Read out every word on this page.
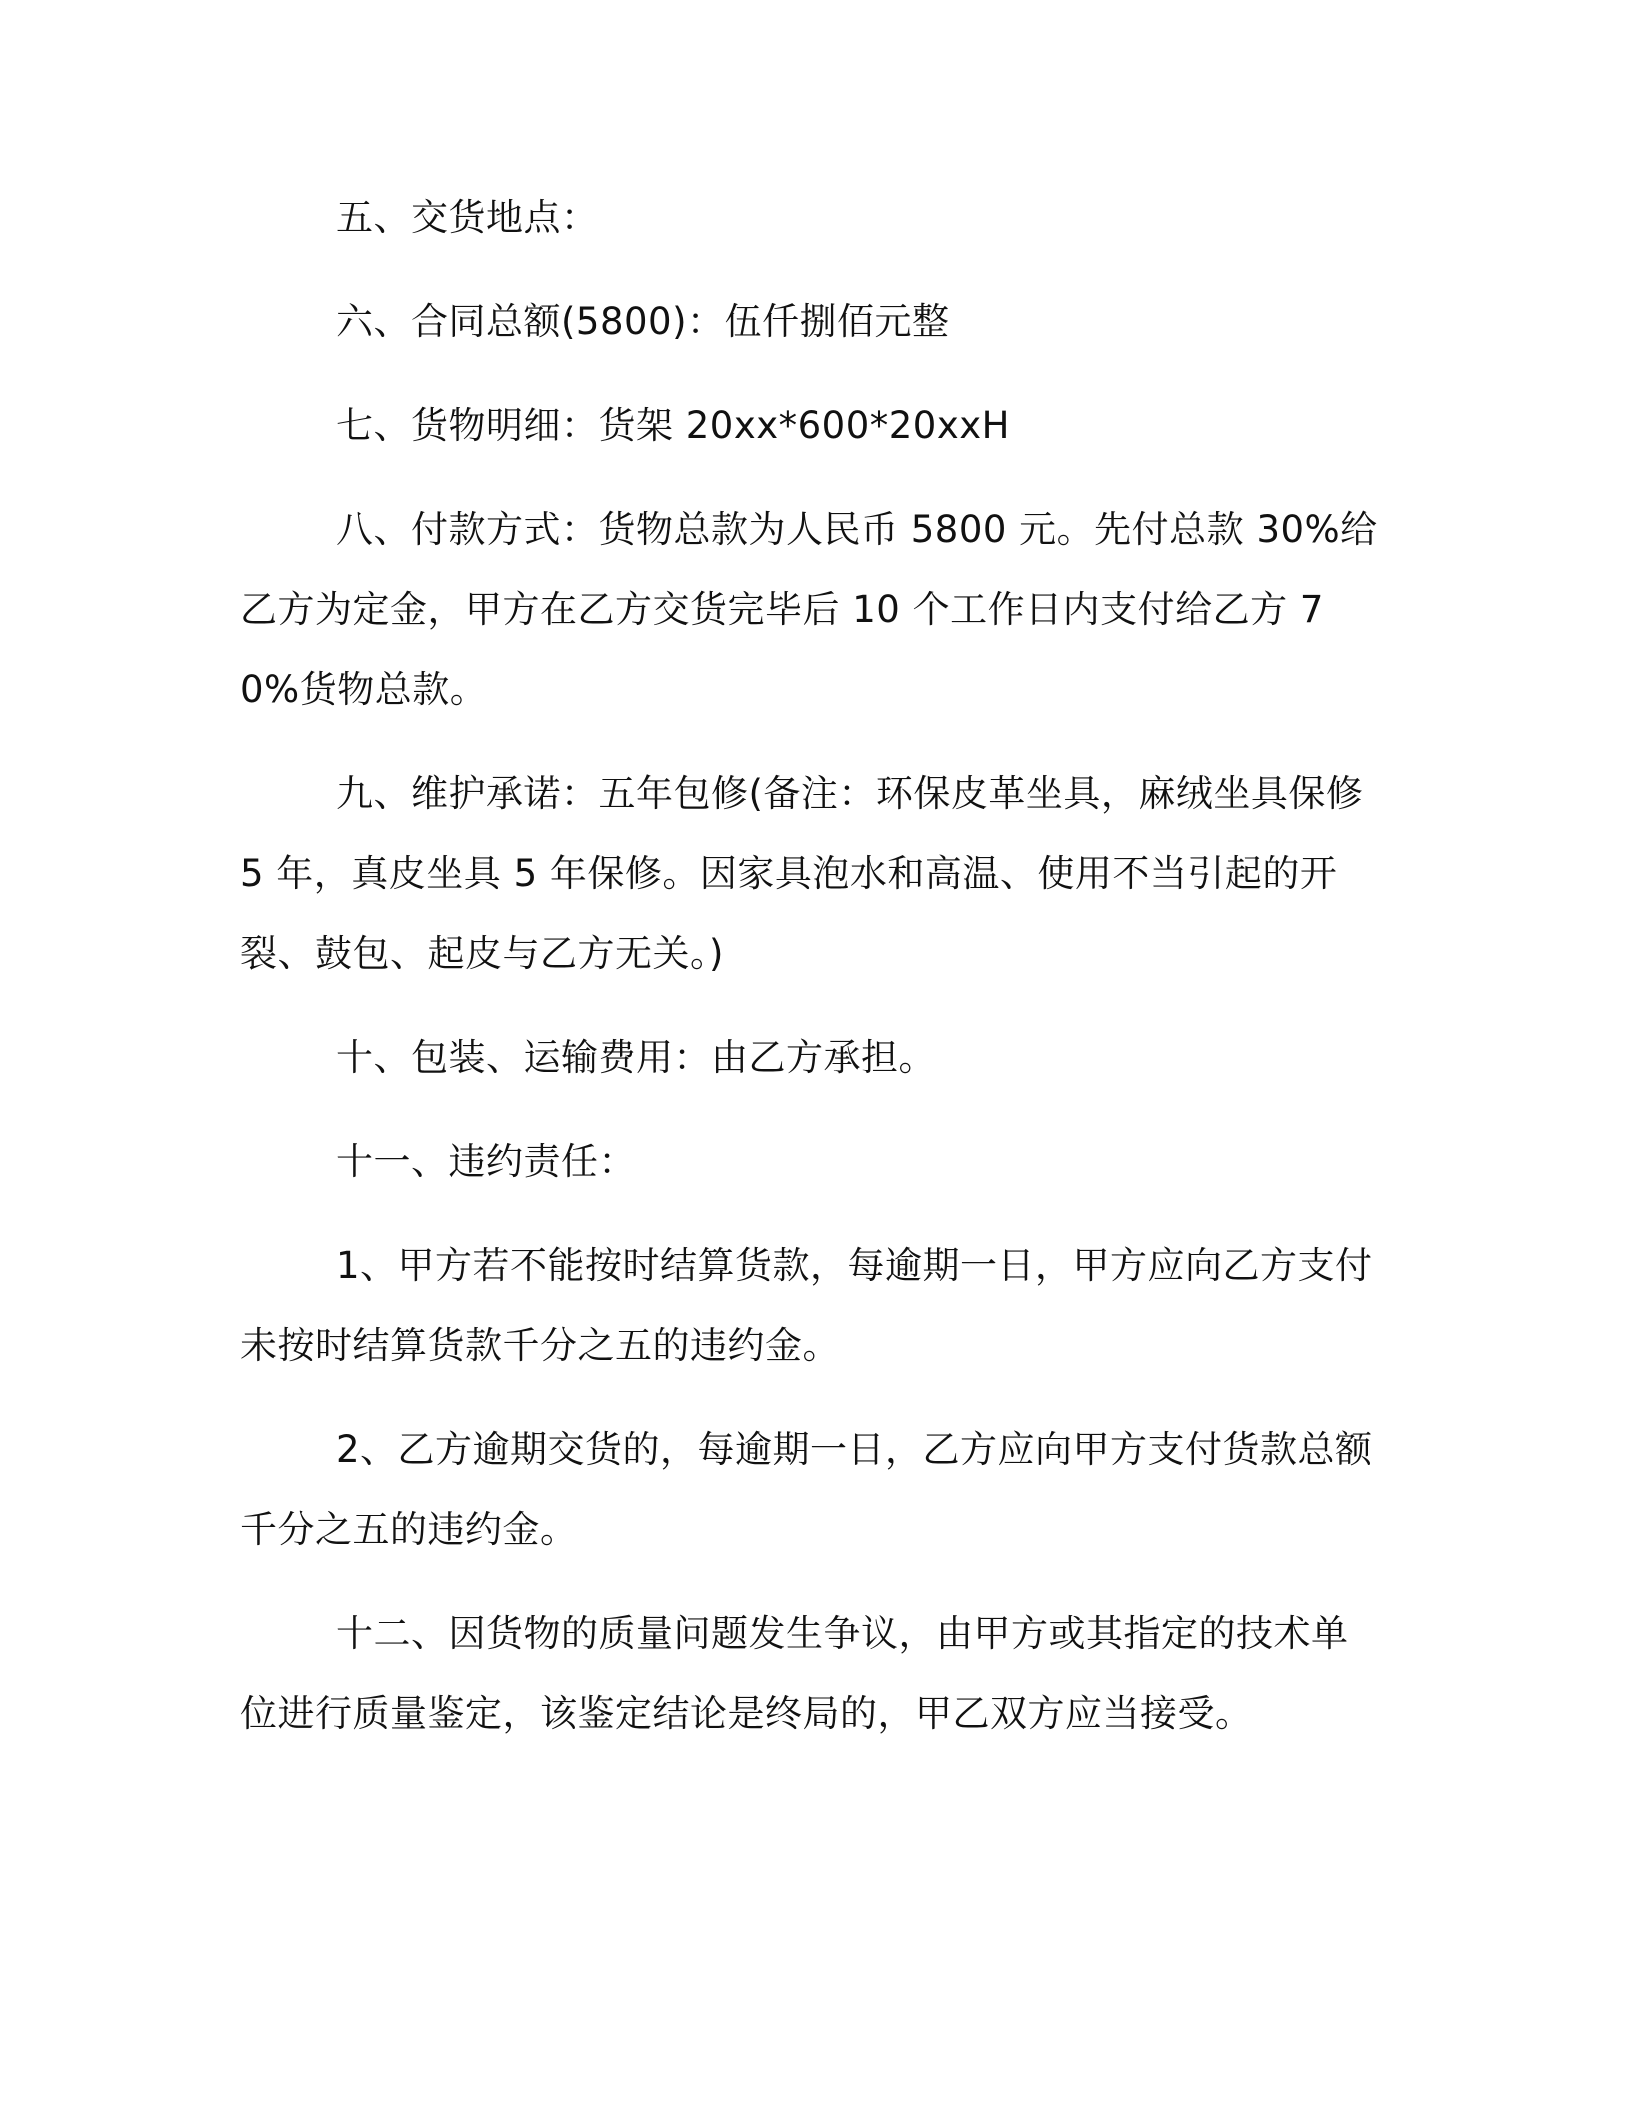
五、交货地点：

六、合同总额(5800)：伍仟捌佰元整

七、货物明细：货架 20xx*600*20xxH

八、付款方式：货物总款为人民币 5800 元。先付总款 30%给乙方为定金，甲方在乙方交货完毕后 10 个工作日内支付给乙方 70%货物总款。

九、维护承诺：五年包修(备注：环保皮革坐具，麻绒坐具保修 5 年，真皮坐具 5 年保修。因家具泡水和高温、使用不当引起的开裂、鼓包、起皮与乙方无关。)

十、包装、运输费用：由乙方承担。

十一、违约责任：

1、甲方若不能按时结算货款，每逾期一日，甲方应向乙方支付未按时结算货款千分之五的违约金。

2、乙方逾期交货的，每逾期一日，乙方应向甲方支付货款总额千分之五的违约金。

十二、因货物的质量问题发生争议，由甲方或其指定的技术单位进行质量鉴定，该鉴定结论是终局的，甲乙双方应当接受。
